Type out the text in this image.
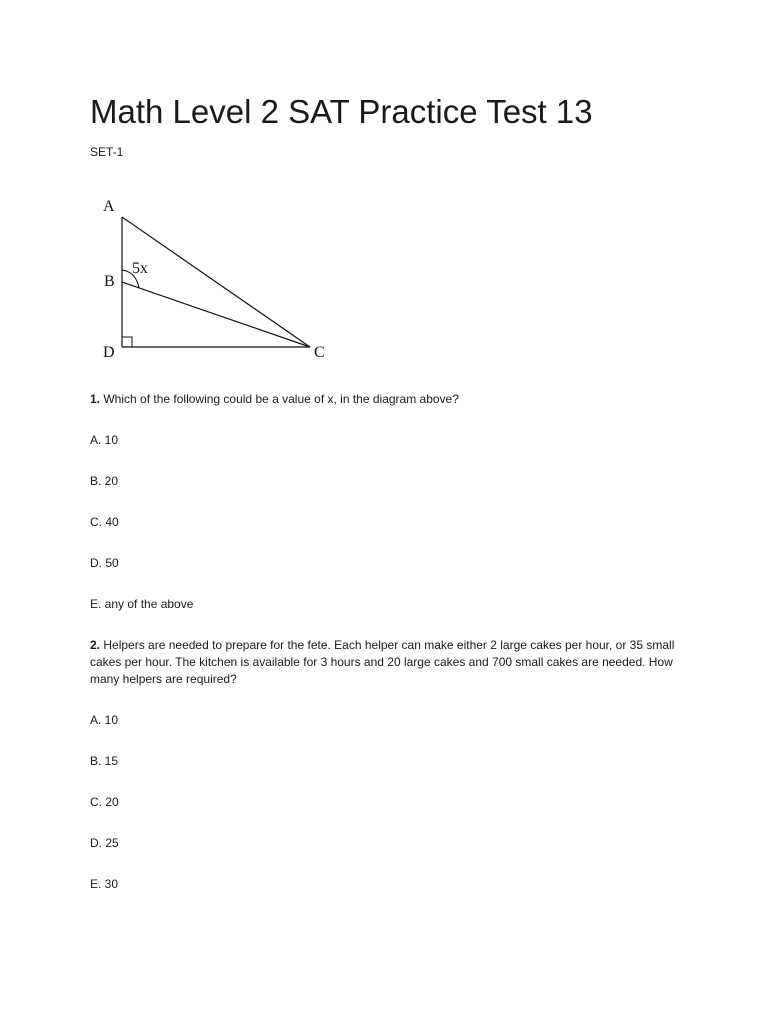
Math Level 2 SAT Practice Test 13
SET-1
A
B
D	C
5x

1. Which of the following could be a value of x, in the diagram above?

A. 10

B. 20

C. 40

D. 50

E. any of the above

2. Helpers are needed to prepare for the fete. Each helper can make either 2 large cakes per hour, or 35 small cakes per hour. The kitchen is available for 3 hours and 20 large cakes and 700 small cakes are needed. How many helpers are required?

A. 10

B. 15

C. 20

D. 25

E. 30
